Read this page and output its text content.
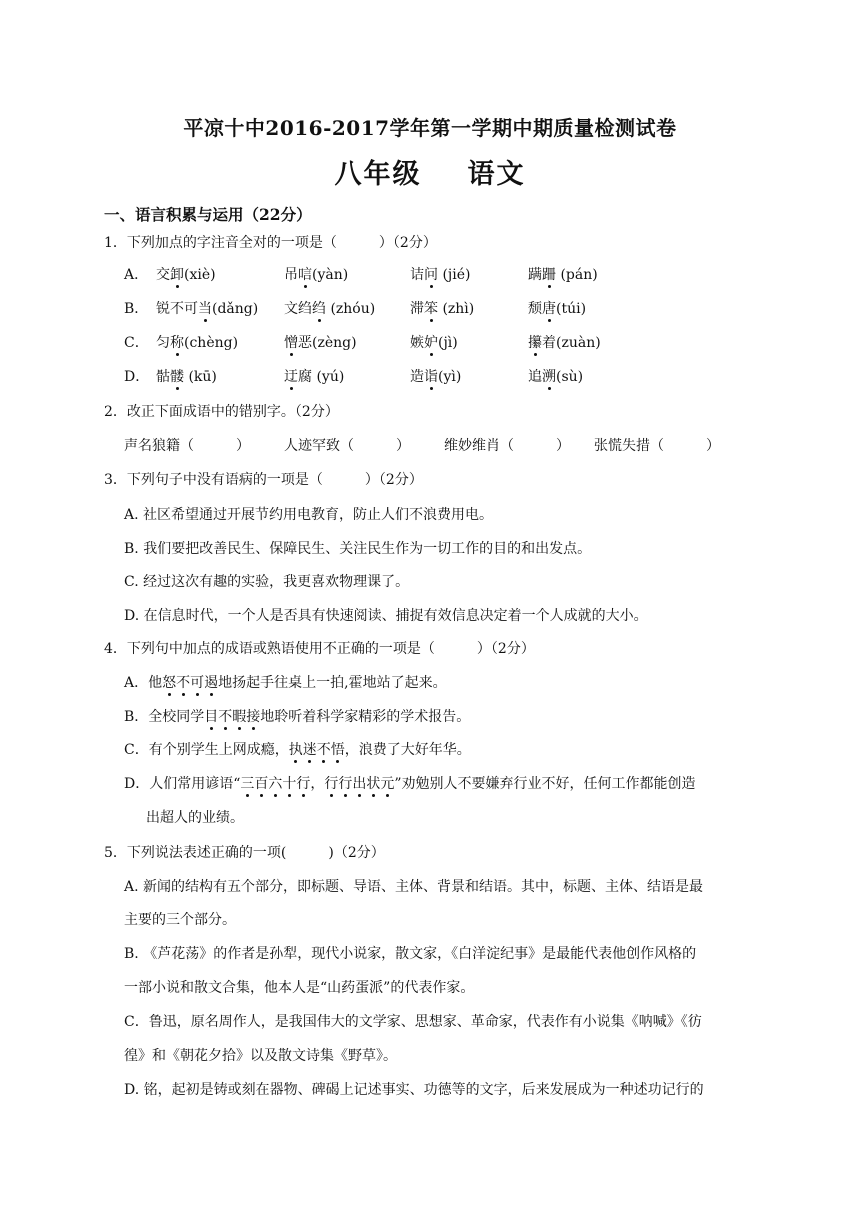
平凉十中2016-2017学年第一学期中期质量检测试卷
八年级 语文
一、语言积累与运用（22分）
1．下列加点的字注音全对的一项是（　　　）（2分）
A． 交卸(xiè)	吊唁(yàn)	诘问 (jié)	蹒跚 (pán)
B． 锐不可当(dǎng) 文绉绉 (zhóu) 滞笨 (zhì)	颓唐(túi)
C． 匀称(chèng)	憎恶(zèng)	嫉妒(jì)	攥着(zuàn)
D． 骷髅 (kū)	迂腐 (yú)	造诣(yì)	追溯(sù)
2．改正下面成语中的错别字。（2分）
声名狼籍（　　　） 人迹罕致（　　　） 维妙维肖（　　　） 张慌失措（　　　）
3．下列句子中没有语病的一项是（　　　）（2分）
A. 社区希望通过开展节约用电教育，防止人们不浪费用电。
B. 我们要把改善民生、保障民生、关注民生作为一切工作的目的和出发点。
C. 经过这次有趣的实验，我更喜欢物理课了。
D. 在信息时代，一个人是否具有快速阅读、捕捉有效信息决定着一个人成就的大小。
4．下列句中加点的成语或熟语使用不正确的一项是（　　　）（2分）
A．他怒不可遏地扬起手往桌上一拍,霍地站了起来。
B．全校同学目不暇接地聆听着科学家精彩的学术报告。
C．有个别学生上网成瘾，执迷不悟，浪费了大好年华。
D．人们常用谚语“三百六十行，行行出状元”劝勉别人不要嫌弃行业不好，任何工作都能创造
出超人的业绩。
5．下列说法表述正确的一项(　　　)（2分）
A. 新闻的结构有五个部分，即标题、导语、主体、背景和结语。其中，标题、主体、结语是最
主要的三个部分。
B. 《芦花荡》的作者是孙犁，现代小说家，散文家，《白洋淀纪事》是最能代表他创作风格的
一部小说和散文合集，他本人是“山药蛋派”的代表作家。
C．鲁迅，原名周作人，是我国伟大的文学家、思想家、革命家，代表作有小说集《呐喊》《彷
徨》和《朝花夕拾》以及散文诗集《野草》。
D. 铭，起初是铸或刻在器物、碑碣上记述事实、功德等的文字，后来发展成为一种述功记行的
